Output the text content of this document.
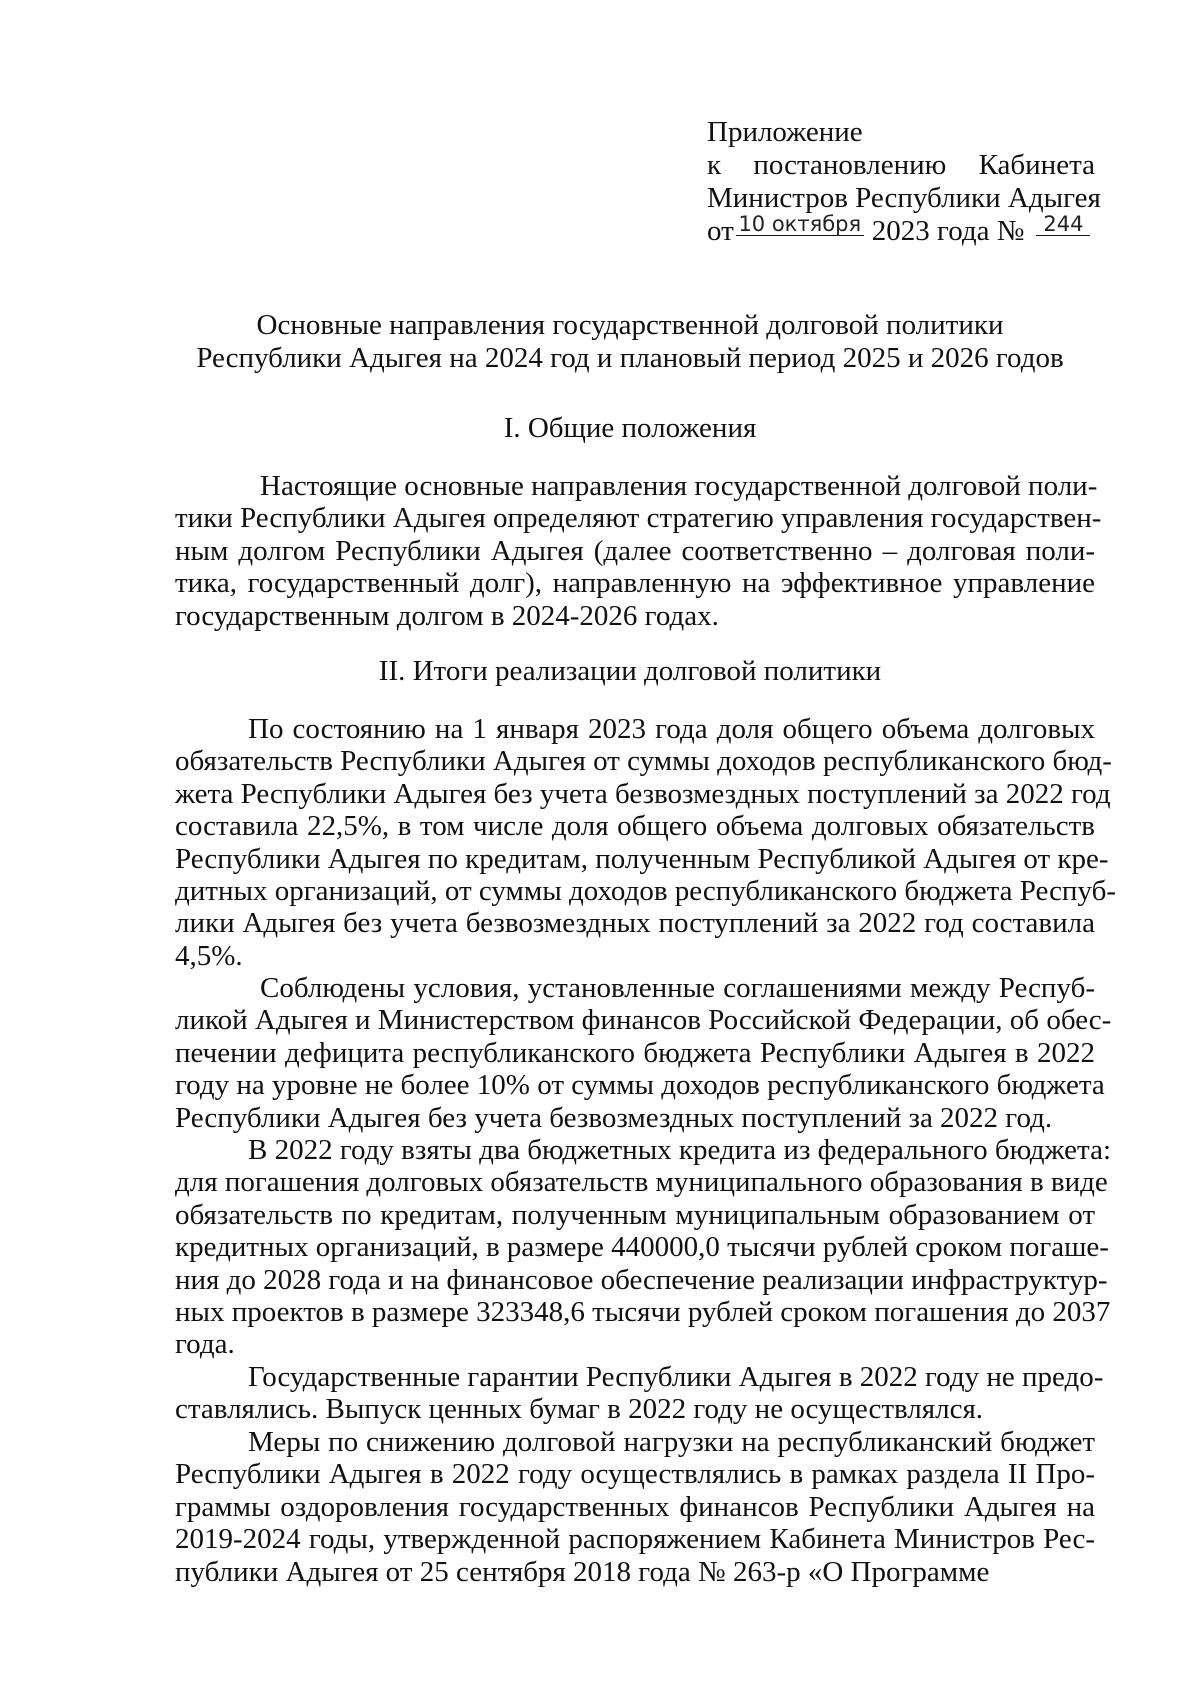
Приложение
к постановлению Кабинета
Министров Республики Адыгея
от 10 октября 2023 года № 244
Основные направления государственной долговой политики
Республики Адыгея на 2024 год и плановый период 2025 и 2026 годов
I. Общие положения
Настоящие основные направления государственной долговой поли-
тики Республики Адыгея определяют стратегию управления государствен-
ным долгом Республики Адыгея (далее соответственно – долговая поли-
тика, государственный долг), направленную на эффективное управление
государственным долгом в 2024-2026 годах.
II. Итоги реализации долговой политики
По состоянию на 1 января 2023 года доля общего объема долговых
обязательств Республики Адыгея от суммы доходов республиканского бюд-
жета Республики Адыгея без учета безвозмездных поступлений за 2022 год
составила 22,5%, в том числе доля общего объема долговых обязательств
Республики Адыгея по кредитам, полученным Республикой Адыгея от кре-
дитных организаций, от суммы доходов республиканского бюджета Респуб-
лики Адыгея без учета безвозмездных поступлений за 2022 год составила
4,5%.
Соблюдены условия, установленные соглашениями между Респуб-
ликой Адыгея и Министерством финансов Российской Федерации, об обес-
печении дефицита республиканского бюджета Республики Адыгея в 2022
году на уровне не более 10% от суммы доходов республиканского бюджета
Республики Адыгея без учета безвозмездных поступлений за 2022 год.
В 2022 году взяты два бюджетных кредита из федерального бюджета:
для погашения долговых обязательств муниципального образования в виде
обязательств по кредитам, полученным муниципальным образованием от
кредитных организаций, в размере 440000,0 тысячи рублей сроком погаше-
ния до 2028 года и на финансовое обеспечение реализации инфраструктур-
ных проектов в размере 323348,6 тысячи рублей сроком погашения до 2037
года.
Государственные гарантии Республики Адыгея в 2022 году не предо-
ставлялись. Выпуск ценных бумаг в 2022 году не осуществлялся.
Меры по снижению долговой нагрузки на республиканский бюджет
Республики Адыгея в 2022 году осуществлялись в рамках раздела II Про-
граммы оздоровления государственных финансов Республики Адыгея на
2019-2024 годы, утвержденной распоряжением Кабинета Министров Рес-
публики Адыгея от 25 сентября 2018 года № 263-р «О Программе
